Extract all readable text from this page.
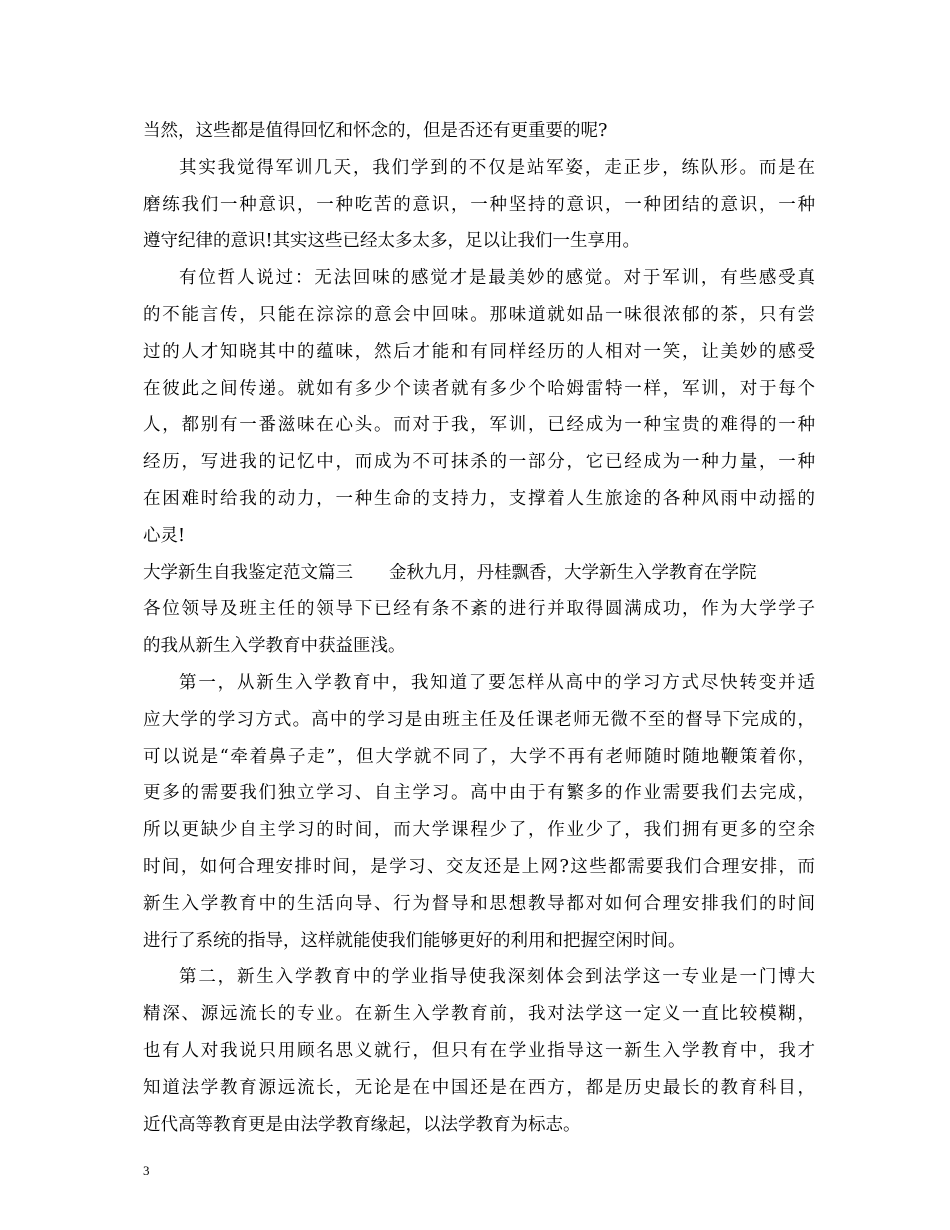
当然，这些都是值得回忆和怀念的，但是否还有更重要的呢?
其实我觉得军训几天，我们学到的不仅是站军姿，走正步，练队形。而是在
磨练我们一种意识，一种吃苦的意识，一种坚持的意识，一种团结的意识，一种
遵守纪律的意识!其实这些已经太多太多，足以让我们一生享用。
有位哲人说过：无法回味的感觉才是最美妙的感觉。对于军训，有些感受真
的不能言传，只能在淙淙的意会中回味。那味道就如品一味很浓郁的茶，只有尝
过的人才知晓其中的蕴味，然后才能和有同样经历的人相对一笑，让美妙的感受
在彼此之间传递。就如有多少个读者就有多少个哈姆雷特一样，军训，对于每个
人，都别有一番滋味在心头。而对于我，军训，已经成为一种宝贵的难得的一种
经历，写进我的记忆中，而成为不可抹杀的一部分，它已经成为一种力量，一种
在困难时给我的动力，一种生命的支持力，支撑着人生旅途的各种风雨中动摇的
心灵!
大学新生自我鉴定范文篇三 金秋九月，丹桂飘香，大学新生入学教育在学院
各位领导及班主任的领导下已经有条不紊的进行并取得圆满成功，作为大学学子
的我从新生入学教育中获益匪浅。
第一，从新生入学教育中，我知道了要怎样从高中的学习方式尽快转变并适
应大学的学习方式。高中的学习是由班主任及任课老师无微不至的督导下完成的，
可以说是“牵着鼻子走”，但大学就不同了，大学不再有老师随时随地鞭策着你，
更多的需要我们独立学习、自主学习。高中由于有繁多的作业需要我们去完成，
所以更缺少自主学习的时间，而大学课程少了，作业少了，我们拥有更多的空余
时间，如何合理安排时间，是学习、交友还是上网?这些都需要我们合理安排，而
新生入学教育中的生活向导、行为督导和思想教导都对如何合理安排我们的时间
进行了系统的指导，这样就能使我们能够更好的利用和把握空闲时间。
第二，新生入学教育中的学业指导使我深刻体会到法学这一专业是一门博大
精深、源远流长的专业。在新生入学教育前，我对法学这一定义一直比较模糊，
也有人对我说只用顾名思义就行，但只有在学业指导这一新生入学教育中，我才
知道法学教育源远流长，无论是在中国还是在西方，都是历史最长的教育科目，
近代高等教育更是由法学教育缘起，以法学教育为标志。
3
